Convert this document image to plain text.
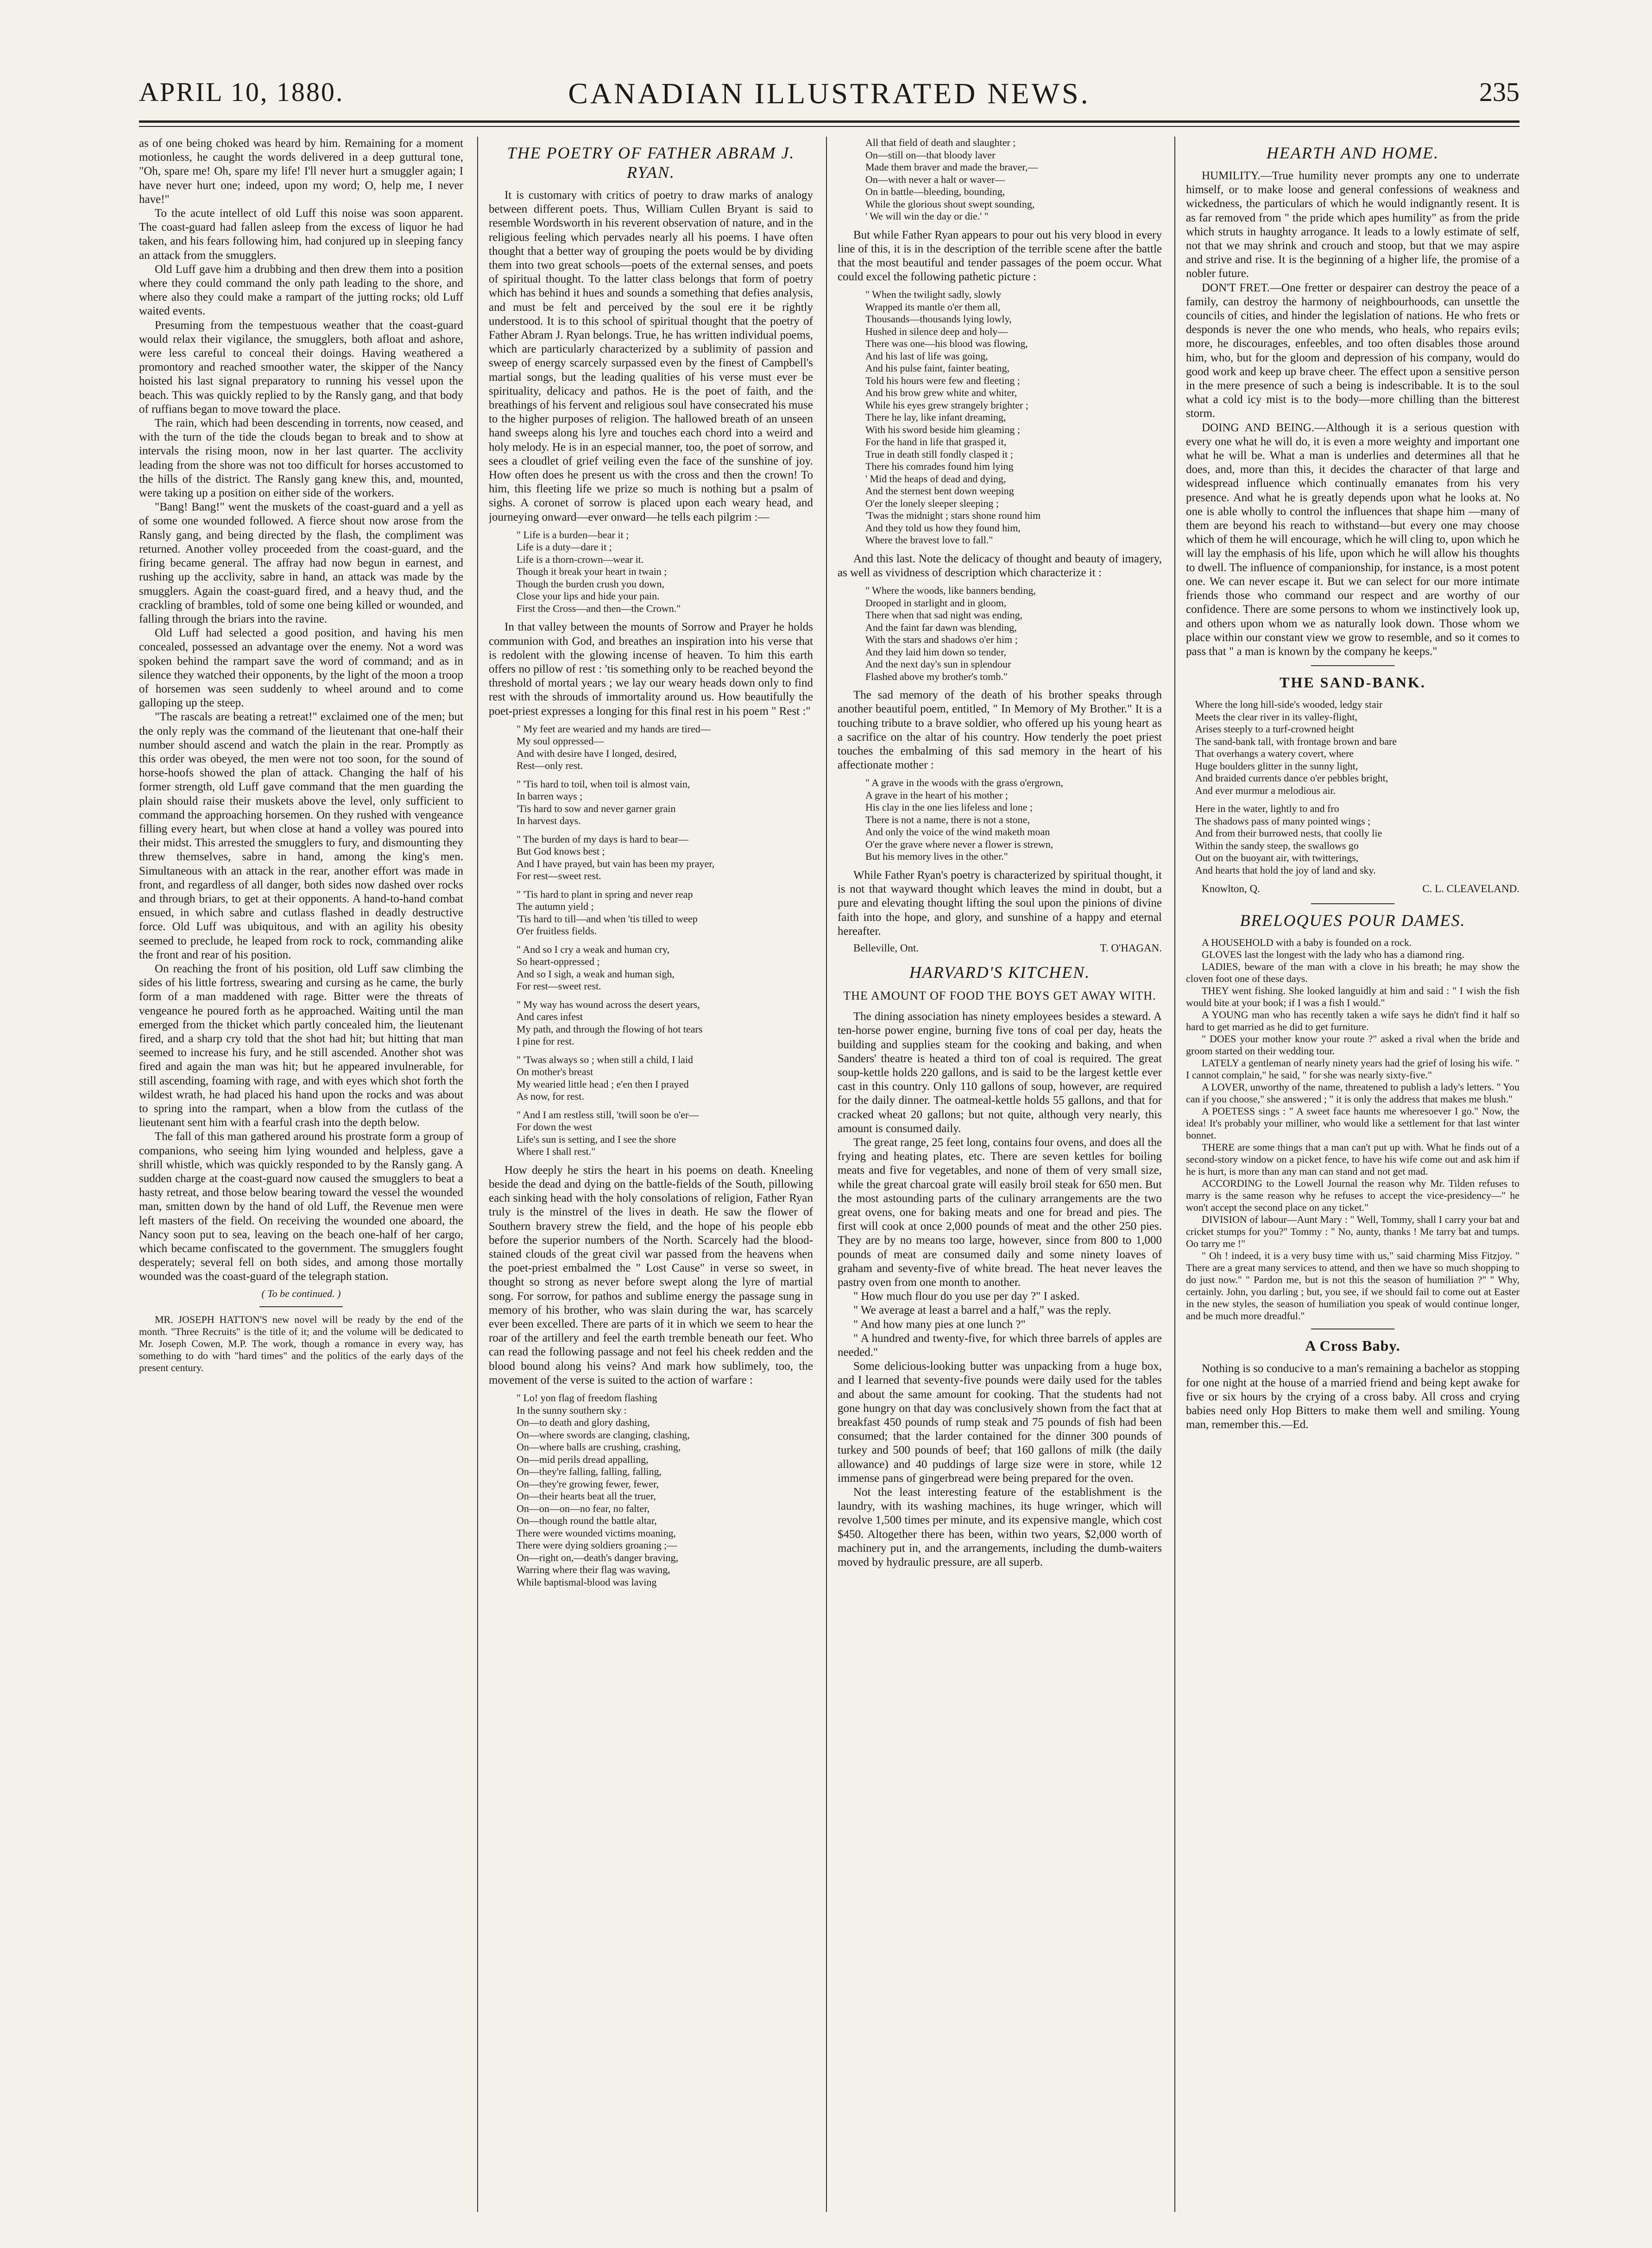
APRIL 10, 1880.	CANADIAN ILLUSTRATED NEWS.	235

as of one being choked was heard by him. Remaining for a moment motionless, he caught the words delivered in a deep guttural tone, "Oh, spare me! Oh, spare my life! I'll never hurt a smuggler again; I have never hurt one; indeed, upon my word; O, help me, I never have!"

To the acute intellect of old Luff this noise was soon apparent. The coast-guard had fallen asleep from the excess of liquor he had taken, and his fears following him, had conjured up in sleeping fancy an attack from the smugglers.

Old Luff gave him a drubbing and then drew them into a position where they could command the only path leading to the shore, and where also they could make a rampart of the jutting rocks; old Luff waited events.

Presuming from the tempestuous weather that the coast-guard would relax their vigilance, the smugglers, both afloat and ashore, were less careful to conceal their doings. Having weathered a promontory and reached smoother water, the skipper of the Nancy hoisted his last signal preparatory to running his vessel upon the beach. This was quickly replied to by the Ransly gang, and that body of ruffians began to move toward the place.

The rain, which had been descending in torrents, now ceased, and with the turn of the tide the clouds began to break and to show at intervals the rising moon, now in her last quarter. The acclivity leading from the shore was not too difficult for horses accustomed to the hills of the district. The Ransly gang knew this, and, mounted, were taking up a position on either side of the workers.

"Bang! Bang!" went the muskets of the coast-guard and a yell as of some one wounded followed. A fierce shout now arose from the Ransly gang, and being directed by the flash, the compliment was returned. Another volley proceeded from the coast-guard, and the firing became general. The affray had now begun in earnest, and rushing up the acclivity, sabre in hand, an attack was made by the smugglers. Again the coast-guard fired, and a heavy thud, and the crackling of brambles, told of some one being killed or wounded, and falling through the briars into the ravine.

Old Luff had selected a good position, and having his men concealed, possessed an advantage over the enemy. Not a word was spoken behind the rampart save the word of command; and as in silence they watched their opponents, by the light of the moon a troop of horsemen was seen suddenly to wheel around and to come galloping up the steep.

"The rascals are beating a retreat!" exclaimed one of the men; but the only reply was the command of the lieutenant that one-half their number should ascend and watch the plain in the rear. Promptly as this order was obeyed, the men were not too soon, for the sound of horse-hoofs showed the plan of attack. Changing the half of his former strength, old Luff gave command that the men guarding the plain should raise their muskets above the level, only sufficient to command the approaching horsemen. On they rushed with vengeance filling every heart, but when close at hand a volley was poured into their midst. This arrested the smugglers to fury, and dismounting they threw themselves, sabre in hand, among the king's men. Simultaneous with an attack in the rear, another effort was made in front, and regardless of all danger, both sides now dashed over rocks and through briars, to get at their opponents. A hand-to-hand combat ensued, in which sabre and cutlass flashed in deadly destructive force. Old Luff was ubiquitous, and with an agility his obesity seemed to preclude, he leaped from rock to rock, commanding alike the front and rear of his position.

On reaching the front of his position, old Luff saw climbing the sides of his little fortress, swearing and cursing as he came, the burly form of a man maddened with rage. Bitter were the threats of vengeance he poured forth as he approached. Waiting until the man emerged from the thicket which partly concealed him, the lieutenant fired, and a sharp cry told that the shot had hit; but hitting that man seemed to increase his fury, and he still ascended. Another shot was fired and again the man was hit; but he appeared invulnerable, for still ascending, foaming with rage, and with eyes which shot forth the wildest wrath, he had placed his hand upon the rocks and was about to spring into the rampart, when a blow from the cutlass of the lieutenant sent him with a fearful crash into the depth below.

The fall of this man gathered around his prostrate form a group of companions, who seeing him lying wounded and helpless, gave a shrill whistle, which was quickly responded to by the Ransly gang. A sudden charge at the coast-guard now caused the smugglers to beat a hasty retreat, and those below bearing toward the vessel the wounded man, smitten down by the hand of old Luff, the Revenue men were left masters of the field. On receiving the wounded one aboard, the Nancy soon put to sea, leaving on the beach one-half of her cargo, which became confiscated to the government. The smugglers fought desperately; several fell on both sides, and among those mortally wounded was the coast-guard of the telegraph station.

( To be continued. )

MR. JOSEPH HATTON'S new novel will be ready by the end of the month. "Three Recruits" is the title of it; and the volume will be dedicated to Mr. Joseph Cowen, M.P. The work, though a romance in every way, has something to do with "hard times" and the politics of the early days of the present century.

THE POETRY OF FATHER ABRAM J. RYAN.

It is customary with critics of poetry to draw marks of analogy between different poets. Thus, William Cullen Bryant is said to resemble Wordsworth in his reverent observation of nature, and in the religious feeling which pervades nearly all his poems. I have often thought that a better way of grouping the poets would be by dividing them into two great schools—poets of the external senses, and poets of spiritual thought. To the latter class belongs that form of poetry which has behind it hues and sounds a something that defies analysis, and must be felt and perceived by the soul ere it be rightly understood. It is to this school of spiritual thought that the poetry of Father Abram J. Ryan belongs. True, he has written individual poems, which are particularly characterized by a sublimity of passion and sweep of energy scarcely surpassed even by the finest of Campbell's martial songs, but the leading qualities of his verse must ever be spirituality, delicacy and pathos. He is the poet of faith, and the breathings of his fervent and religious soul have consecrated his muse to the higher purposes of religion. The hallowed breath of an unseen hand sweeps along his lyre and touches each chord into a weird and holy melody. He is in an especial manner, too, the poet of sorrow, and sees a cloudlet of grief veiling even the face of the sunshine of joy. How often does he present us with the cross and then the crown! To him, this fleeting life we prize so much is nothing but a psalm of sighs. A coronet of sorrow is placed upon each weary head, and journeying onward—ever onward—he tells each pilgrim :—

" Life is a burden—bear it ;
Life is a duty—dare it ;
Life is a thorn-crown—wear it.
Though it break your heart in twain ;
Though the burden crush you down,
Close your lips and hide your pain.
First the Cross—and then—the Crown."

In that valley between the mounts of Sorrow and Prayer he holds communion with God, and breathes an inspiration into his verse that is redolent with the glowing incense of heaven. To him this earth offers no pillow of rest : 'tis something only to be reached beyond the threshold of mortal years ; we lay our weary heads down only to find rest with the shrouds of immortality around us. How beautifully the poet-priest expresses a longing for this final rest in his poem " Rest :"

" My feet are wearied and my hands are tired—
My soul oppressed—
And with desire have I longed, desired,
Rest—only rest.
" 'Tis hard to toil, when toil is almost vain,
In barren ways ;
'Tis hard to sow and never garner grain
In harvest days.
" The burden of my days is hard to bear—
But God knows best ;
And I have prayed, but vain has been my prayer,
For rest—sweet rest.
" 'Tis hard to plant in spring and never reap
The autumn yield ;
'Tis hard to till—and when 'tis tilled to weep
O'er fruitless fields.
" And so I cry a weak and human cry,
So heart-oppressed ;
And so I sigh, a weak and human sigh,
For rest—sweet rest.
" My way has wound across the desert years,
And cares infest
My path, and through the flowing of hot tears
I pine for rest.
" 'Twas always so ; when still a child, I laid
On mother's breast
My wearied little head ; e'en then I prayed
As now, for rest.
" And I am restless still, 'twill soon be o'er—
For down the west
Life's sun is setting, and I see the shore
Where I shall rest."

How deeply he stirs the heart in his poems on death. Kneeling beside the dead and dying on the battle-fields of the South, pillowing each sinking head with the holy consolations of religion, Father Ryan truly is the minstrel of the lives in death. He saw the flower of Southern bravery strew the field, and the hope of his people ebb before the superior numbers of the North. Scarcely had the blood-stained clouds of the great civil war passed from the heavens when the poet-priest embalmed the " Lost Cause" in verse so sweet, in thought so strong as never before swept along the lyre of martial song. For sorrow, for pathos and sublime energy the passage sung in memory of his brother, who was slain during the war, has scarcely ever been excelled. There are parts of it in which we seem to hear the roar of the artillery and feel the earth tremble beneath our feet. Who can read the following passage and not feel his cheek redden and the blood bound along his veins? And mark how sublimely, too, the movement of the verse is suited to the action of warfare :

" Lo! yon flag of freedom flashing
In the sunny southern sky :
On—to death and glory dashing,
On—where swords are clanging, clashing,
On—where balls are crushing, crashing,
On—mid perils dread appalling,
On—they're falling, falling, falling,
On—they're growing fewer, fewer,
On—their hearts beat all the truer,
On—on—on—no fear, no falter,
On—though round the battle altar,
There were wounded victims moaning,
There were dying soldiers groaning ;—
On—right on,—death's danger braving,
Warring where their flag was waving,
While baptismal-blood was laving
All that field of death and slaughter ;
On—still on—that bloody laver
Made them braver and made the braver,—
On—with never a halt or waver—
On in battle—bleeding, bounding,
While the glorious shout swept sounding,
' We will win the day or die.' "

But while Father Ryan appears to pour out his very blood in every line of this, it is in the description of the terrible scene after the battle that the most beautiful and tender passages of the poem occur. What could excel the following pathetic picture :

" When the twilight sadly, slowly
Wrapped its mantle o'er them all,
Thousands—thousands lying lowly,
Hushed in silence deep and holy—
There was one—his blood was flowing,
And his last of life was going,
And his pulse faint, fainter beating,
Told his hours were few and fleeting ;
And his brow grew white and whiter,
While his eyes grew strangely brighter ;
There he lay, like infant dreaming,
With his sword beside him gleaming ;
For the hand in life that grasped it,
True in death still fondly clasped it ;
There his comrades found him lying
' Mid the heaps of dead and dying,
And the sternest bent down weeping
O'er the lonely sleeper sleeping ;
'Twas the midnight ; stars shone round him
And they told us how they found him,
Where the bravest love to fall."

And this last. Note the delicacy of thought and beauty of imagery, as well as vividness of description which characterize it :

" Where the woods, like banners bending,
Drooped in starlight and in gloom,
There when that sad night was ending,
And the faint far dawn was blending,
With the stars and shadows o'er him ;
And they laid him down so tender,
And the next day's sun in splendour
Flashed above my brother's tomb."

The sad memory of the death of his brother speaks through another beautiful poem, entitled, " In Memory of My Brother." It is a touching tribute to a brave soldier, who offered up his young heart as a sacrifice on the altar of his country. How tenderly the poet priest touches the embalming of this sad memory in the heart of his affectionate mother :

" A grave in the woods with the grass o'ergrown,
A grave in the heart of his mother ;
His clay in the one lies lifeless and lone ;
There is not a name, there is not a stone,
And only the voice of the wind maketh moan
O'er the grave where never a flower is strewn,
But his memory lives in the other."

While Father Ryan's poetry is characterized by spiritual thought, it is not that wayward thought which leaves the mind in doubt, but a pure and elevating thought lifting the soul upon the pinions of divine faith into the hope, and glory, and sunshine of a happy and eternal hereafter.

Belleville, Ont.	T. O'HAGAN.
HARVARD'S KITCHEN.
THE AMOUNT OF FOOD THE BOYS GET AWAY WITH.

The dining association has ninety employees besides a steward. A ten-horse power engine, burning five tons of coal per day, heats the building and supplies steam for the cooking and baking, and when Sanders' theatre is heated a third ton of coal is required. The great soup-kettle holds 220 gallons, and is said to be the largest kettle ever cast in this country. Only 110 gallons of soup, however, are required for the daily dinner. The oatmeal-kettle holds 55 gallons, and that for cracked wheat 20 gallons; but not quite, although very nearly, this amount is consumed daily.

The great range, 25 feet long, contains four ovens, and does all the frying and heating plates, etc. There are seven kettles for boiling meats and five for vegetables, and none of them of very small size, while the great charcoal grate will easily broil steak for 650 men. But the most astounding parts of the culinary arrangements are the two great ovens, one for baking meats and one for bread and pies. The first will cook at once 2,000 pounds of meat and the other 250 pies. They are by no means too large, however, since from 800 to 1,000 pounds of meat are consumed daily and some ninety loaves of graham and seventy-five of white bread. The heat never leaves the pastry oven from one month to another.

" How much flour do you use per day ?" I asked.

" We average at least a barrel and a half," was the reply.

" And how many pies at one lunch ?"

" A hundred and twenty-five, for which three barrels of apples are needed."

Some delicious-looking butter was unpacking from a huge box, and I learned that seventy-five pounds were daily used for the tables and about the same amount for cooking. That the students had not gone hungry on that day was conclusively shown from the fact that at breakfast 450 pounds of rump steak and 75 pounds of fish had been consumed; that the larder contained for the dinner 300 pounds of turkey and 500 pounds of beef; that 160 gallons of milk (the daily allowance) and 40 puddings of large size were in store, while 12 immense pans of gingerbread were being prepared for the oven.

Not the least interesting feature of the establishment is the laundry, with its washing machines, its huge wringer, which will revolve 1,500 times per minute, and its expensive mangle, which cost $450. Altogether there has been, within two years, $2,000 worth of machinery put in, and the arrangements, including the dumb-waiters moved by hydraulic pressure, are all superb.

HEARTH AND HOME.

HUMILITY.—True humility never prompts any one to underrate himself, or to make loose and general confessions of weakness and wickedness, the particulars of which he would indignantly resent. It is as far removed from " the pride which apes humility" as from the pride which struts in haughty arrogance. It leads to a lowly estimate of self, not that we may shrink and crouch and stoop, but that we may aspire and strive and rise. It is the beginning of a higher life, the promise of a nobler future.

DON'T FRET.—One fretter or despairer can destroy the peace of a family, can destroy the harmony of neighbourhoods, can unsettle the councils of cities, and hinder the legislation of nations. He who frets or desponds is never the one who mends, who heals, who repairs evils; more, he discourages, enfeebles, and too often disables those around him, who, but for the gloom and depression of his company, would do good work and keep up brave cheer. The effect upon a sensitive person in the mere presence of such a being is indescribable. It is to the soul what a cold icy mist is to the body—more chilling than the bitterest storm.

DOING AND BEING.—Although it is a serious question with every one what he will do, it is even a more weighty and important one what he will be. What a man is underlies and determines all that he does, and, more than this, it decides the character of that large and widespread influence which continually emanates from his very presence. And what he is greatly depends upon what he looks at. No one is able wholly to control the influences that shape him —many of them are beyond his reach to withstand—but every one may choose which of them he will encourage, which he will cling to, upon which he will lay the emphasis of his life, upon which he will allow his thoughts to dwell. The influence of companionship, for instance, is a most potent one. We can never escape it. But we can select for our more intimate friends those who command our respect and are worthy of our confidence. There are some persons to whom we instinctively look up, and others upon whom we as naturally look down. Those whom we place within our constant view we grow to resemble, and so it comes to pass that " a man is known by the company he keeps."

THE SAND-BANK.
Where the long hill-side's wooded, ledgy stair
Meets the clear river in its valley-flight,
Arises steeply to a turf-crowned height
The sand-bank tall, with frontage brown and bare
That overhangs a watery covert, where
Huge boulders glitter in the sunny light,
And braided currents dance o'er pebbles bright,
And ever murmur a melodious air.
Here in the water, lightly to and fro
The shadows pass of many pointed wings ;
And from their burrowed nests, that coolly lie
Within the sandy steep, the swallows go
Out on the buoyant air, with twitterings,
And hearts that hold the joy of land and sky.
Knowlton, Q.	C. L. CLEAVELAND.
BRELOQUES POUR DAMES.

A HOUSEHOLD with a baby is founded on a rock.

GLOVES last the longest with the lady who has a diamond ring.

LADIES, beware of the man with a clove in his breath; he may show the cloven foot one of these days.

THEY went fishing. She looked languidly at him and said : " I wish the fish would bite at your book; if I was a fish I would."

A YOUNG man who has recently taken a wife says he didn't find it half so hard to get married as he did to get furniture.

" DOES your mother know your route ?" asked a rival when the bride and groom started on their wedding tour.

LATELY a gentleman of nearly ninety years had the grief of losing his wife. " I cannot complain," he said, " for she was nearly sixty-five."

A LOVER, unworthy of the name, threatened to publish a lady's letters. " You can if you choose," she answered ; " it is only the address that makes me blush."

A POETESS sings : " A sweet face haunts me wheresoever I go." Now, the idea! It's probably your milliner, who would like a settlement for that last winter bonnet.

THERE are some things that a man can't put up with. What he finds out of a second-story window on a picket fence, to have his wife come out and ask him if he is hurt, is more than any man can stand and not get mad.

ACCORDING to the Lowell Journal the reason why Mr. Tilden refuses to marry is the same reason why he refuses to accept the vice-presidency—" he won't accept the second place on any ticket."

DIVISION of labour—Aunt Mary : " Well, Tommy, shall I carry your bat and cricket stumps for you?" Tommy : " No, aunty, thanks ! Me tarry bat and tumps. Oo tarry me !"

" Oh ! indeed, it is a very busy time with us," said charming Miss Fitzjoy. " There are a great many services to attend, and then we have so much shopping to do just now." " Pardon me, but is not this the season of humiliation ?" " Why, certainly. John, you darling ; but, you see, if we should fail to come out at Easter in the new styles, the season of humiliation you speak of would continue longer, and be much more dreadful."

A Cross Baby.

Nothing is so conducive to a man's remaining a bachelor as stopping for one night at the house of a married friend and being kept awake for five or six hours by the crying of a cross baby. All cross and crying babies need only Hop Bitters to make them well and smiling. Young man, remember this.—Ed.
